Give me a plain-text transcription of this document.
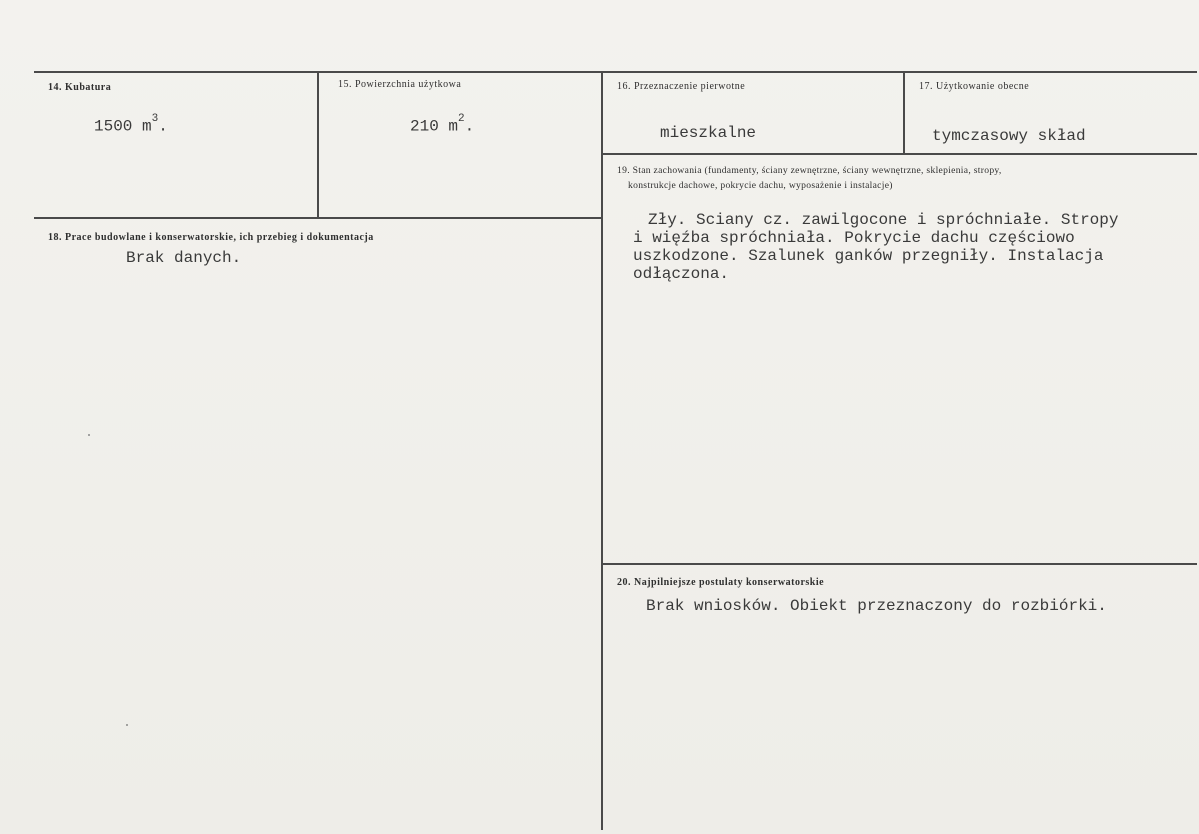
14. Kubatura
1500 $m^3$.
15. Powierzchnia użytkowa
210 $m^2$.
16. Przeznaczenie pierwotne
mieszkalne
17. Użytkowanie obecne
tymczasowy skład
18. Prace budowlane i konserwatorskie, ich przebieg i dokumentacja
Brak danych.
19. Stan zachowania (fundamenty, ściany zewnętrzne, ściany wewnętrzne, sklepienia, stropy,
konstrukcje dachowe, pokrycie dachu, wyposażenie i instalacje)
Zły. Sciany cz. zawilgocone i spróchniałe. Stropy
i więźba spróchniała. Pokrycie dachu częściowo
uszkodzone. Szalunek ganków przegniły. Instalacja
odłączona.
20. Najpilniejsze postulaty konserwatorskie
Brak wniosków. Obiekt przeznaczony do rozbiórki.
